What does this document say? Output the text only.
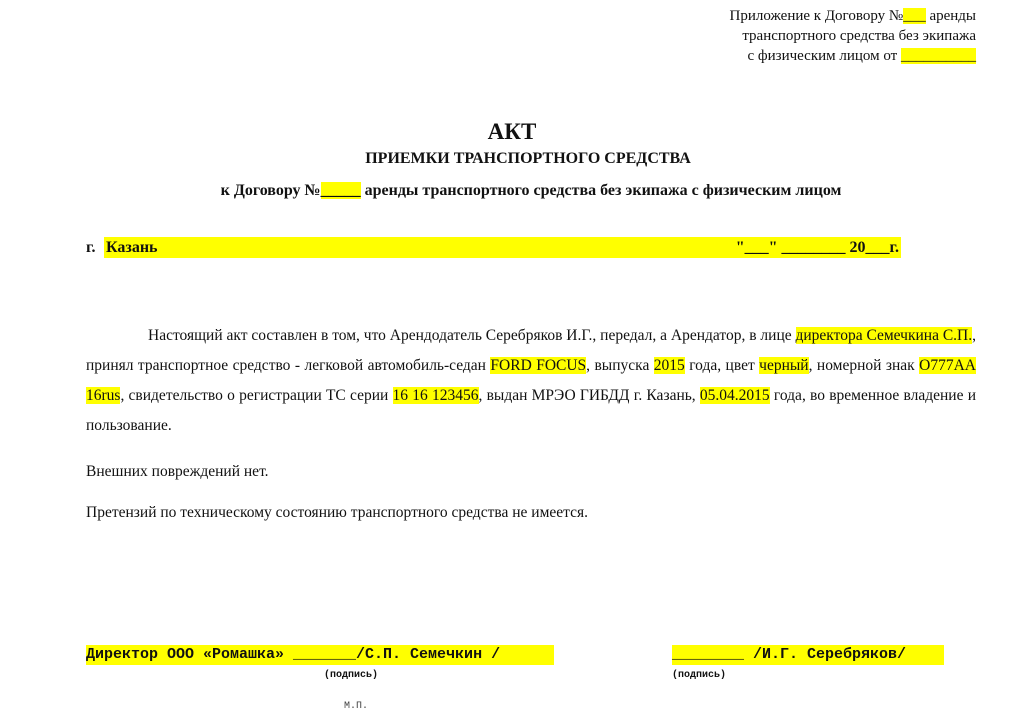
Приложение к Договору №___ аренды
транспортного средства без экипажа
с физическим лицом от __________
АКТ
ПРИЕМКИ ТРАНСПОРТНОГО СРЕДСТВА
к Договору №_____ аренды транспортного средства без экипажа с физическим лицом
г. Казань	"___" ________ 20___г.

Настоящий акт составлен в том, что Арендодатель Серебряков И.Г., передал, а Арендатор, в лице директора Семечкина С.П., принял транспортное средство - легковой автомобиль-седан FORD FOCUS, выпуска 2015 года, цвет черный, номерной знак О777АА 16rus, свидетельство о регистрации ТС серии 16 16 123456, выдан МРЭО ГИБДД г. Казань, 05.04.2015 года, во временное владение и пользование.

Внешних повреждений нет.
Претензий по техническому состоянию транспортного средства не имеется.

Директор ООО «Ромашка» _______/С.П. Семечкин /

	________ /И.Г. Серебряков/

(подпись)	(подпись)
М.П.
